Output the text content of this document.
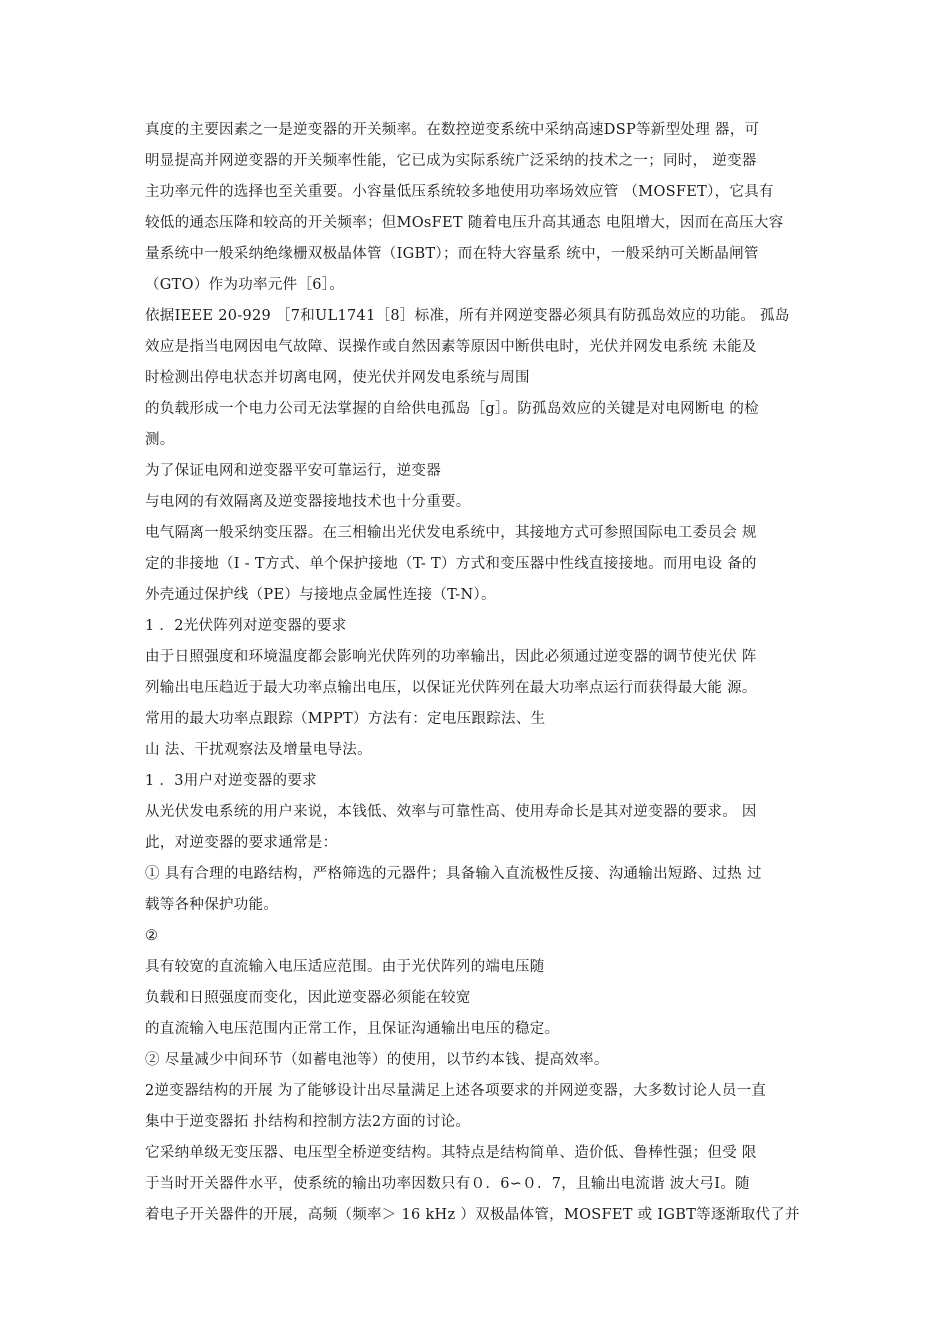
真度的主要因素之一是逆变器的开关频率。在数控逆变系统中采纳高速DSP等新型处理 器，可
明显提高并网逆变器的开关频率性能，它已成为实际系统广泛采纳的技术之一；同时， 逆变器
主功率元件的选择也至关重要。小容量低压系统较多地使用功率场效应管 （MOSFET），它具有
较低的通态压降和较高的开关频率；但MOsFET 随着电压升高其通态 电阻增大，因而在高压大容
量系统中一般采纳绝缘栅双极晶体管（IGBT）；而在特大容量系 统中，一般采纳可关断晶闸管
（GTO）作为功率元件［6］。
依据IEEE 20-929 ［7和UL1741［8］标准，所有并网逆变器必须具有防孤岛效应的功能。 孤岛
效应是指当电网因电气故障、误操作或自然因素等原因中断供电时，光伏并网发电系统 未能及
时检测出停电状态并切离电网，使光伏并网发电系统与周围
的负载形成一个电力公司无法掌握的自给供电孤岛［g］。防孤岛效应的关键是对电网断电 的检
测。
为了保证电网和逆变器平安可靠运行，逆变器
与电网的有效隔离及逆变器接地技术也十分重要。
电气隔离一般采纳变压器。在三相输出光伏发电系统中，其接地方式可参照国际电工委员会 规
定的非接地（I - T方式、单个保护接地（T- T）方式和变压器中性线直接接地。而用电设 备的
外壳通过保护线（PE）与接地点金属性连接（T-N）。
1 ．2光伏阵列对逆变器的要求
由于日照强度和环境温度都会影响光伏阵列的功率输出，因此必须通过逆变器的调节使光伏 阵
列输出电压趋近于最大功率点输出电压，以保证光伏阵列在最大功率点运行而获得最大能 源。
常用的最大功率点跟踪（MPPT）方法有：定电压跟踪法、生
山 法、干扰观察法及增量电导法。
1 ．3用户对逆变器的要求
从光伏发电系统的用户来说，本钱低、效率与可靠性高、使用寿命长是其对逆变器的要求。 因
此，对逆变器的要求通常是：
① 具有合理的电路结构，严格筛选的元器件；具备输入直流极性反接、沟通输出短路、过热 过
载等各种保护功能。
②
具有较宽的直流输入电压适应范围。由于光伏阵列的端电压随
负载和日照强度而变化，因此逆变器必须能在较宽
的直流输入电压范围内正常工作，且保证沟通输出电压的稳定。
② 尽量减少中间环节（如蓄电池等）的使用，以节约本钱、提高效率。
2逆变器结构的开展 为了能够设计出尽量满足上述各项要求的并网逆变器，大多数讨论人员一直
集中于逆变器拓 扑结构和控制方法2方面的讨论。
它采纳单级无变压器、电压型全桥逆变结构。其特点是结构简单、造价低、鲁棒性强；但受 限
于当时开关器件水平，使系统的输出功率因数只有０．6∽０．7，且输出电流谐 波大弓I。随
着电子开关器件的开展，高频（频率＞ 16 kHz ）双极晶体管，MOSFET 或 IGBT等逐渐取代了并
